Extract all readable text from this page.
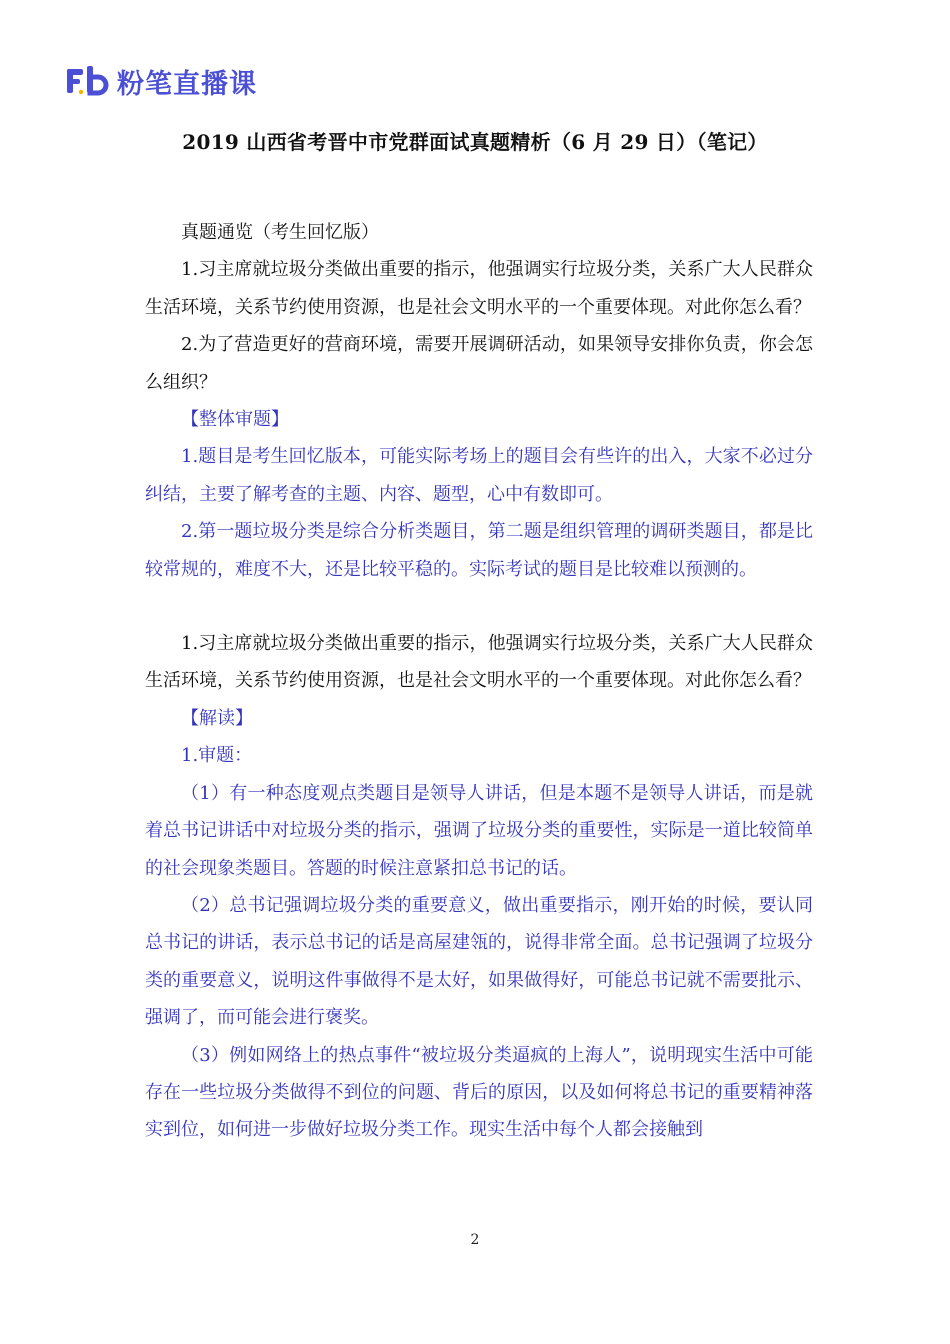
粉笔直播课
2019 山西省考晋中市党群面试真题精析（6 月 29 日）（笔记）

真题通览（考生回忆版）

1.习主席就垃圾分类做出重要的指示，他强调实行垃圾分类，关系广大人民群众生活环境，关系节约使用资源，也是社会文明水平的一个重要体现。对此你怎么看？

2.为了营造更好的营商环境，需要开展调研活动，如果领导安排你负责，你会怎么组织？

【整体审题】

1.题目是考生回忆版本，可能实际考场上的题目会有些许的出入，大家不必过分纠结，主要了解考查的主题、内容、题型，心中有数即可。

2.第一题垃圾分类是综合分析类题目，第二题是组织管理的调研类题目，都是比较常规的，难度不大，还是比较平稳的。实际考试的题目是比较难以预测的。

1.习主席就垃圾分类做出重要的指示，他强调实行垃圾分类，关系广大人民群众生活环境，关系节约使用资源，也是社会文明水平的一个重要体现。对此你怎么看？

【解读】

1.审题：

（1）有一种态度观点类题目是领导人讲话，但是本题不是领导人讲话，而是就着总书记讲话中对垃圾分类的指示，强调了垃圾分类的重要性，实际是一道比较简单的社会现象类题目。答题的时候注意紧扣总书记的话。

（2）总书记强调垃圾分类的重要意义，做出重要指示，刚开始的时候，要认同总书记的讲话，表示总书记的话是高屋建瓴的，说得非常全面。总书记强调了垃圾分类的重要意义，说明这件事做得不是太好，如果做得好，可能总书记就不需要批示、强调了，而可能会进行褒奖。

（3）例如网络上的热点事件“被垃圾分类逼疯的上海人”，说明现实生活中可能存在一些垃圾分类做得不到位的问题、背后的原因，以及如何将总书记的重要精神落实到位，如何进一步做好垃圾分类工作。现实生活中每个人都会接触到

2
